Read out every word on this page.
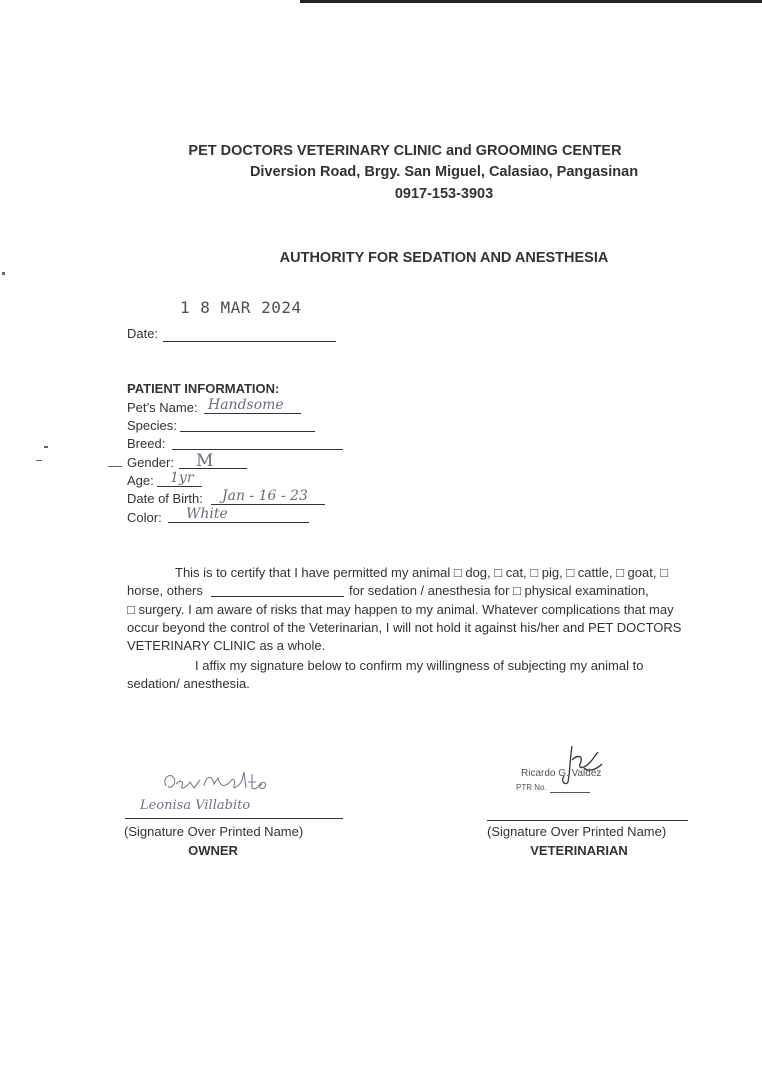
PET DOCTORS VETERINARY CLINIC and GROOMING CENTER
Diversion Road, Brgy. San Miguel, Calasiao, Pangasinan
0917-153-3903
AUTHORITY FOR SEDATION AND ANESTHESIA
1 8 MAR 2024
Date:
PATIENT INFORMATION:
Pet’s Name: Handsome
Species:
Breed:
Gender: M
Age: 1yr
Date of Birth: Jan - 16 - 23
Color: White
This is to certify that I have permitted my animal □ dog, □ cat, □ pig, □ cattle, □ goat, □
horse, others	for sedation / anesthesia for □ physical examination,
□ surgery. I am aware of risks that may happen to my animal. Whatever complications that may
occur beyond the control of the Veterinarian, I will not hold it against his/her and PET DOCTORS
VETERINARY CLINIC as a whole.
I affix my signature below to confirm my willingness of subjecting my animal to
sedation/ anesthesia.
Leonisa Villabito
(Signature Over Printed Name)
OWNER
Ricardo G. Valdez
PTR No.
(Signature Over Printed Name)
VETERINARIAN
